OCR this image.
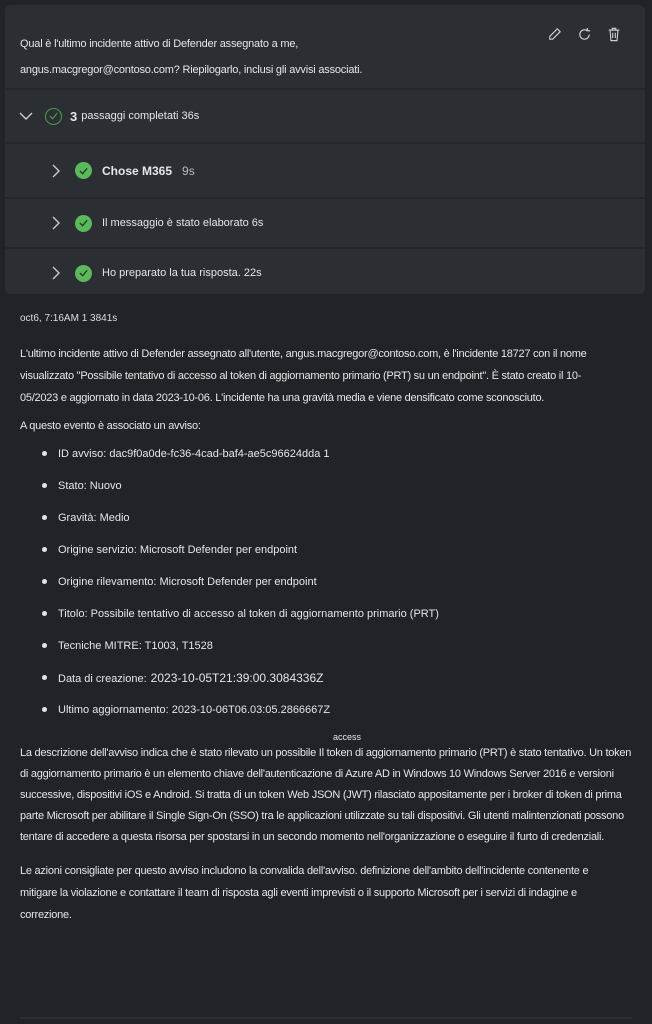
Qual è l'ultimo incidente attivo di Defender assegnato a me,
angus.macgregor@contoso.com? Riepilogarlo, inclusi gli avvisi associati.
3 passaggi completati 36s
Chose M365 9s
Il messaggio è stato elaborato 6s
Ho preparato la tua risposta. 22s
oct6, 7:16AM 1 3841s
L'ultimo incidente attivo di Defender assegnato all'utente, angus.macgregor@contoso.com, è l'incidente 18727 con il nome visualizzato "Possibile tentativo di accesso al token di aggiornamento primario (PRT) su un endpoint". È stato creato il 10-05/2023 e aggiornato in data 2023-10-06. L'incidente ha una gravità media e viene densificato come sconosciuto.
A questo evento è associato un avviso:
ID avviso: dac9f0a0de-fc36-4cad-baf4-ae5c96624dda 1
Stato: Nuovo
Gravità: Medio
Origine servizio: Microsoft Defender per endpoint
Origine rilevamento: Microsoft Defender per endpoint
Titolo: Possibile tentativo di accesso al token di aggiornamento primario (PRT)
Tecniche MITRE: T1003, T1528
Data di creazione: 2023-10-05T21:39:00.3084336Z
Ultimo aggiornamento: 2023-10-06T06.03:05.2866667Z
access
La descrizione dell'avviso indica che è stato rilevato un possibile Il token di aggiornamento primario (PRT) è stato tentativo. Un token di aggiornamento primario è un elemento chiave dell'autenticazione di Azure AD in Windows 10 Windows Server 2016 e versioni successive, dispositivi iOS e Android. Si tratta di un token Web JSON (JWT) rilasciato appositamente per i broker di token di prima parte Microsoft per abilitare il Single Sign-On (SSO) tra le applicazioni utilizzate su tali dispositivi. Gli utenti malintenzionati possono tentare di accedere a questa risorsa per spostarsi in un secondo momento nell'organizzazione o eseguire il furto di credenziali.
Le azioni consigliate per questo avviso includono la convalida dell'avviso. definizione dell'ambito dell'incidente contenente e mitigare la violazione e contattare il team di risposta agli eventi imprevisti o il supporto Microsoft per i servizi di indagine e correzione.
